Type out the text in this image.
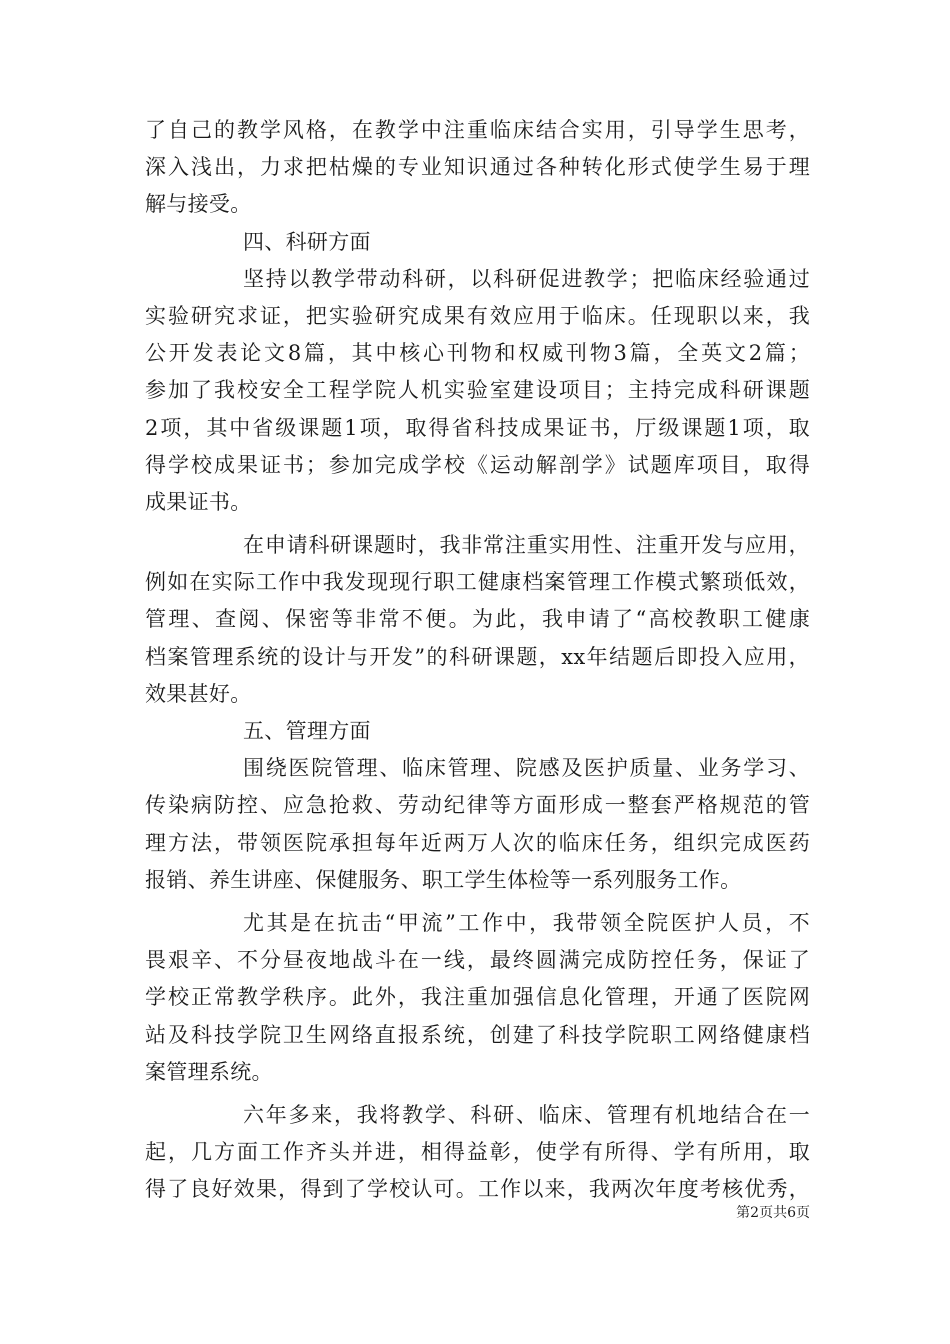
了自己的教学风格，在教学中注重临床结合实用，引导学生思考，
深入浅出，力求把枯燥的专业知识通过各种转化形式使学生易于理
解与接受。
四、科研方面
坚持以教学带动科研，以科研促进教学；把临床经验通过
实验研究求证，把实验研究成果有效应用于临床。任现职以来，我
公开发表论文8篇，其中核心刊物和权威刊物3篇，全英文2篇；
参加了我校安全工程学院人机实验室建设项目；主持完成科研课题
2项，其中省级课题1项，取得省科技成果证书，厅级课题1项，取
得学校成果证书；参加完成学校《运动解剖学》试题库项目，取得
成果证书。
在申请科研课题时，我非常注重实用性、注重开发与应用，
例如在实际工作中我发现现行职工健康档案管理工作模式繁琐低效，
管理、查阅、保密等非常不便。为此，我申请了“高校教职工健康
档案管理系统的设计与开发”的科研课题，xx年结题后即投入应用，
效果甚好。
五、管理方面
围绕医院管理、临床管理、院感及医护质量、业务学习、
传染病防控、应急抢救、劳动纪律等方面形成一整套严格规范的管
理方法，带领医院承担每年近两万人次的临床任务，组织完成医药
报销、养生讲座、保健服务、职工学生体检等一系列服务工作。
尤其是在抗击“甲流”工作中，我带领全院医护人员，不
畏艰辛、不分昼夜地战斗在一线，最终圆满完成防控任务，保证了
学校正常教学秩序。此外，我注重加强信息化管理，开通了医院网
站及科技学院卫生网络直报系统，创建了科技学院职工网络健康档
案管理系统。
六年多来，我将教学、科研、临床、管理有机地结合在一
起，几方面工作齐头并进，相得益彰，使学有所得、学有所用，取
得了良好效果，得到了学校认可。工作以来，我两次年度考核优秀，
第2页共6页
